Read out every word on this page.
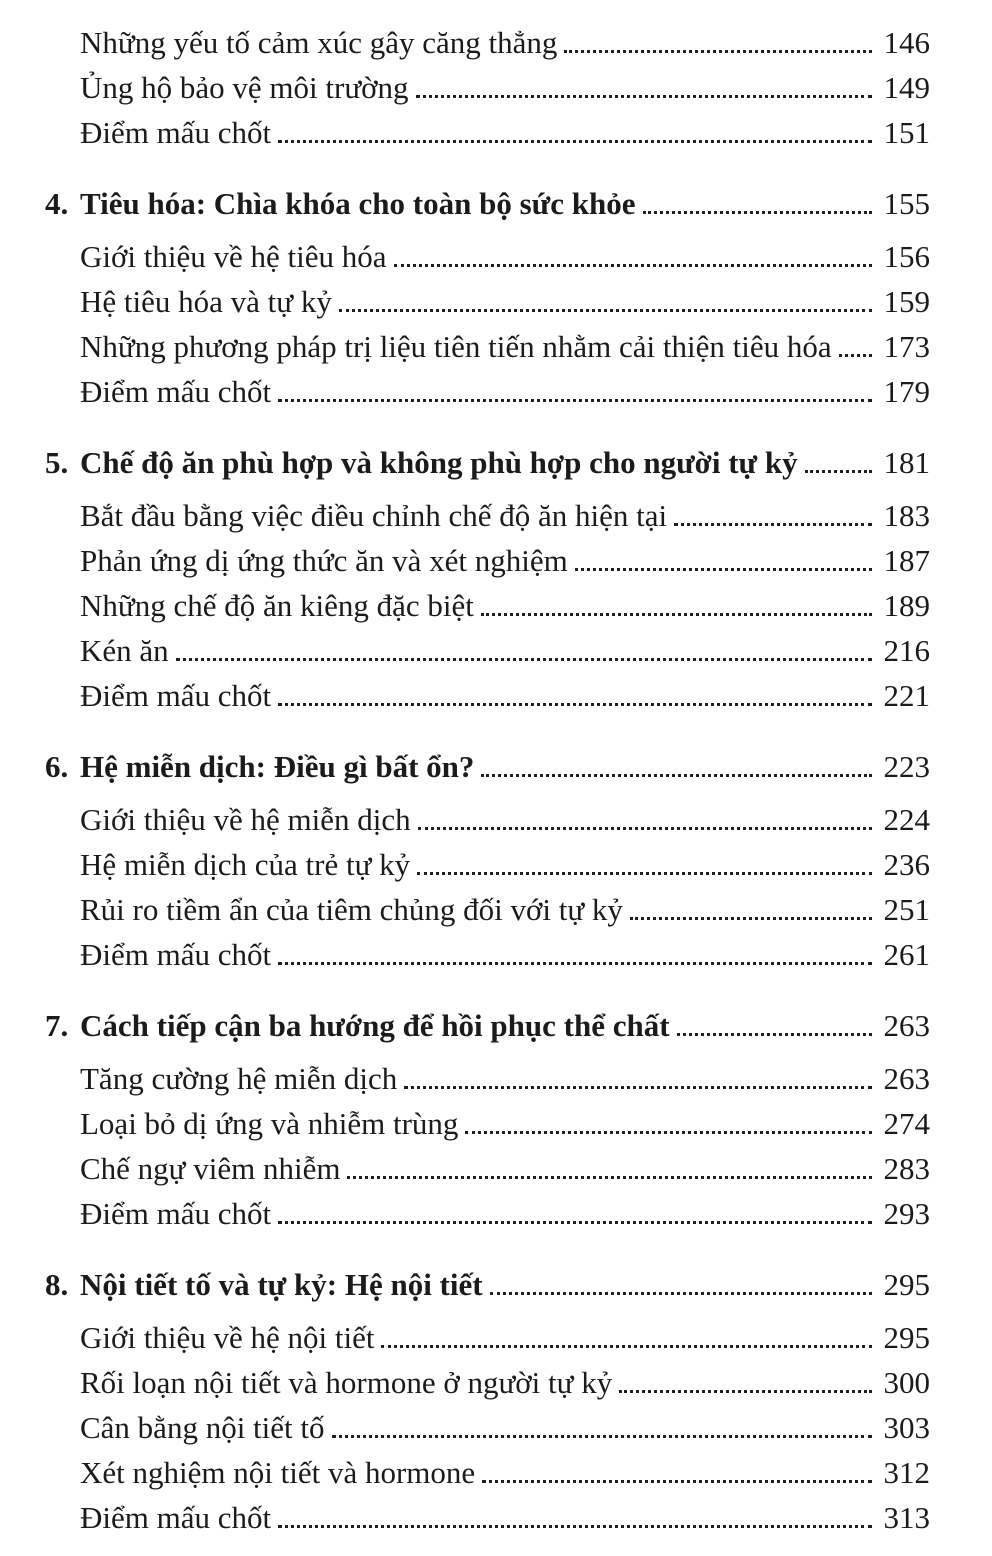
Những yếu tố cảm xúc gây căng thẳng	146
Ủng hộ bảo vệ môi trường	149
Điểm mấu chốt	151
4. Tiêu hóa: Chìa khóa cho toàn bộ sức khỏe	155
Giới thiệu về hệ tiêu hóa	156
Hệ tiêu hóa và tự kỷ	159
Những phương pháp trị liệu tiên tiến nhằm cải thiện tiêu hóa 173
Điểm mấu chốt	179
5. Chế độ ăn phù hợp và không phù hợp cho người tự kỷ	181
Bắt đầu bằng việc điều chỉnh chế độ ăn hiện tại	183
Phản ứng dị ứng thức ăn và xét nghiệm	187
Những chế độ ăn kiêng đặc biệt	189
Kén ăn	216
Điểm mấu chốt	221
6. Hệ miễn dịch: Điều gì bất ổn?	223
Giới thiệu về hệ miễn dịch	224
Hệ miễn dịch của trẻ tự kỷ	236
Rủi ro tiềm ẩn của tiêm chủng đối với tự kỷ	251
Điểm mấu chốt	261
7. Cách tiếp cận ba hướng để hồi phục thể chất	263
Tăng cường hệ miễn dịch	263
Loại bỏ dị ứng và nhiễm trùng	274
Chế ngự viêm nhiễm	283
Điểm mấu chốt	293
8. Nội tiết tố và tự kỷ: Hệ nội tiết	295
Giới thiệu về hệ nội tiết	295
Rối loạn nội tiết và hormone ở người tự kỷ	300
Cân bằng nội tiết tố	303
Xét nghiệm nội tiết và hormone	312
Điểm mấu chốt	313
